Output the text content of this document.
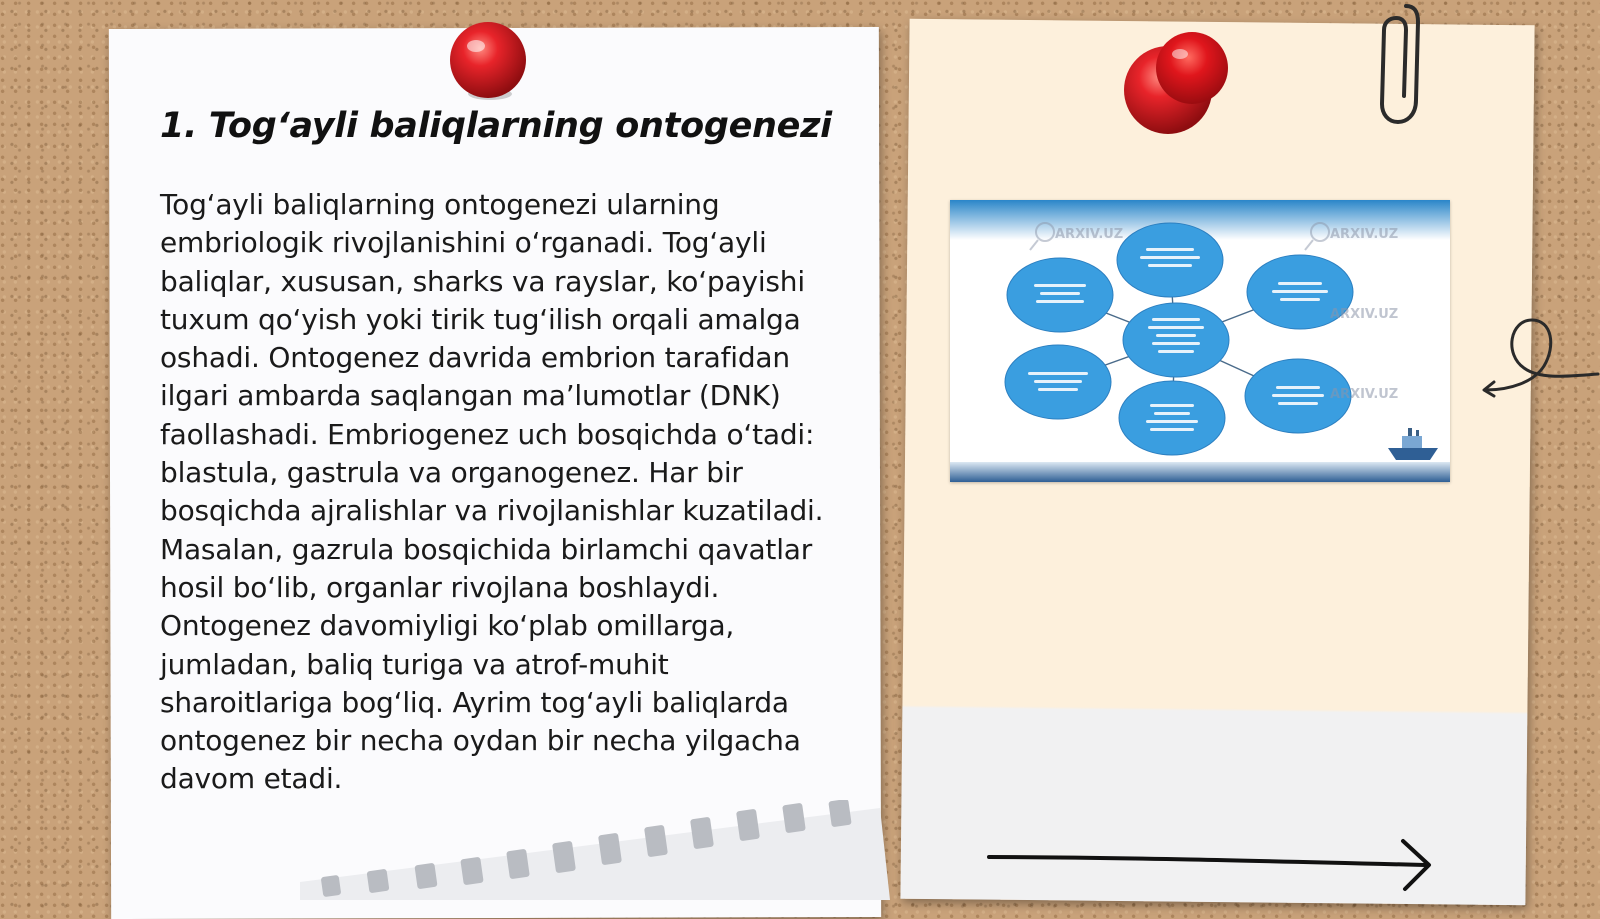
1. Tog‘ayli baliqlarning ontogenezi
Tog‘ayli baliqlarning ontogenezi ularning embriologik rivojlanishini o‘rganadi. Tog‘ayli baliqlar, xususan, sharks va rayslar, ko‘payishi tuxum qo‘yish yoki tirik tug‘ilish orqali amalga oshadi. Ontogenez davrida embrion tarafidan ilgari ambarda saqlangan ma’lumotlar (DNK) faollashadi. Embriogenez uch bosqichda o‘tadi: blastula, gastrula va organogenez. Har bir bosqichda ajralishlar va rivojlanishlar kuzatiladi. Masalan, gazrula bosqichida birlamchi qavatlar hosil bo‘lib, organlar rivojlana boshlaydi. Ontogenez davomiyligi ko‘plab omillarga, jumladan, baliq turiga va atrof-muhit sharoitlariga bog‘liq. Ayrim tog‘ayli baliqlarda ontogenez bir necha oydan bir necha yilgacha davom etadi.
ARXIV.UZ	ARXIV.UZ
ARXIV.UZ
ARXIV.UZ
